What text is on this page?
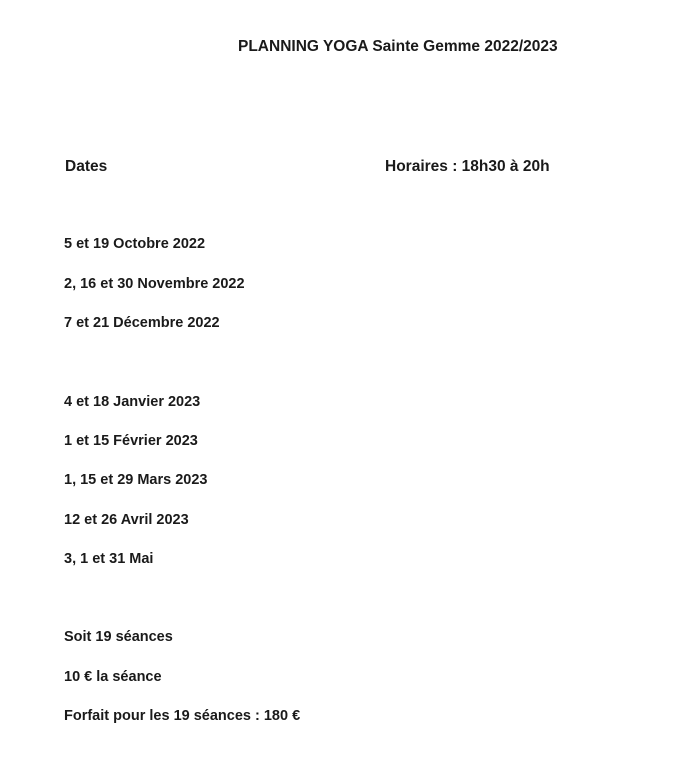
PLANNING YOGA Sainte Gemme 2022/2023
Dates	Horaires : 18h30 à 20h
5 et 19 Octobre 2022
2, 16 et 30 Novembre 2022
7 et 21 Décembre 2022
4 et 18 Janvier 2023
1 et 15 Février 2023
1, 15 et 29 Mars 2023
12 et 26 Avril 2023
3, 1 et 31 Mai
Soit 19 séances
10 € la séance
Forfait pour les 19 séances : 180 €
